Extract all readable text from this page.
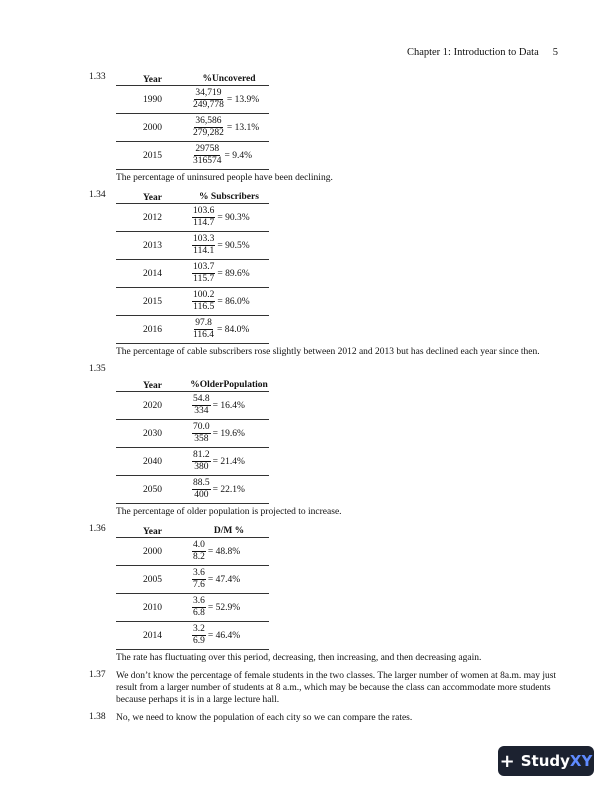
Chapter 1: Introduction to Data 5
1.33	Year	%Uncovered
1990	$\frac{34,719}{249,778} = 13.9\%$
2000	$\frac{36,586}{279,282} = 13.1\%$
2015	$\frac{29758}{316574} = 9.4\%$
The percentage of uninsured people have been declining.
1.34	Year	% Subscribers
2012	$\frac{103.6}{114.7} = 90.3\%$
2013	$\frac{103.3}{114.1} = 90.5\%$
2014	$\frac{103.7}{115.7} = 89.6\%$
2015	$\frac{100.2}{116.5} = 86.0\%$
2016	$\frac{97.8}{116.4} = 84.0\%$
The percentage of cable subscribers rose slightly between 2012 and 2013 but has declined each year since then.
1.35
Year	%Older Population
2020	$\frac{54.8}{334} = 16.4\%$
2030	$\frac{70.0}{358} = 19.6\%$
2040	$\frac{81.2}{380} = 21.4\%$
2050	$\frac{88.5}{400} = 22.1\%$
The percentage of older population is projected to increase.
1.36	Year	D/M %
2000	$\frac{4.0}{8.2} = 48.8\%$
2005	$\frac{3.6}{7.6} = 47.4\%$
2010	$\frac{3.6}{6.8} = 52.9\%$
2014	$\frac{3.2}{6.9} = 46.4\%$
The rate has fluctuating over this period, decreasing, then increasing, and then decreasing again.
1.37 We don’t know the percentage of female students in the two classes. The larger number of women at 8a.m. may just result from a larger number of students at 8 a.m., which may be because the class can accommodate more students because perhaps it is in a large lecture hall.
1.38 No, we need to know the population of each city so we can compare the rates.
+ Study XY
